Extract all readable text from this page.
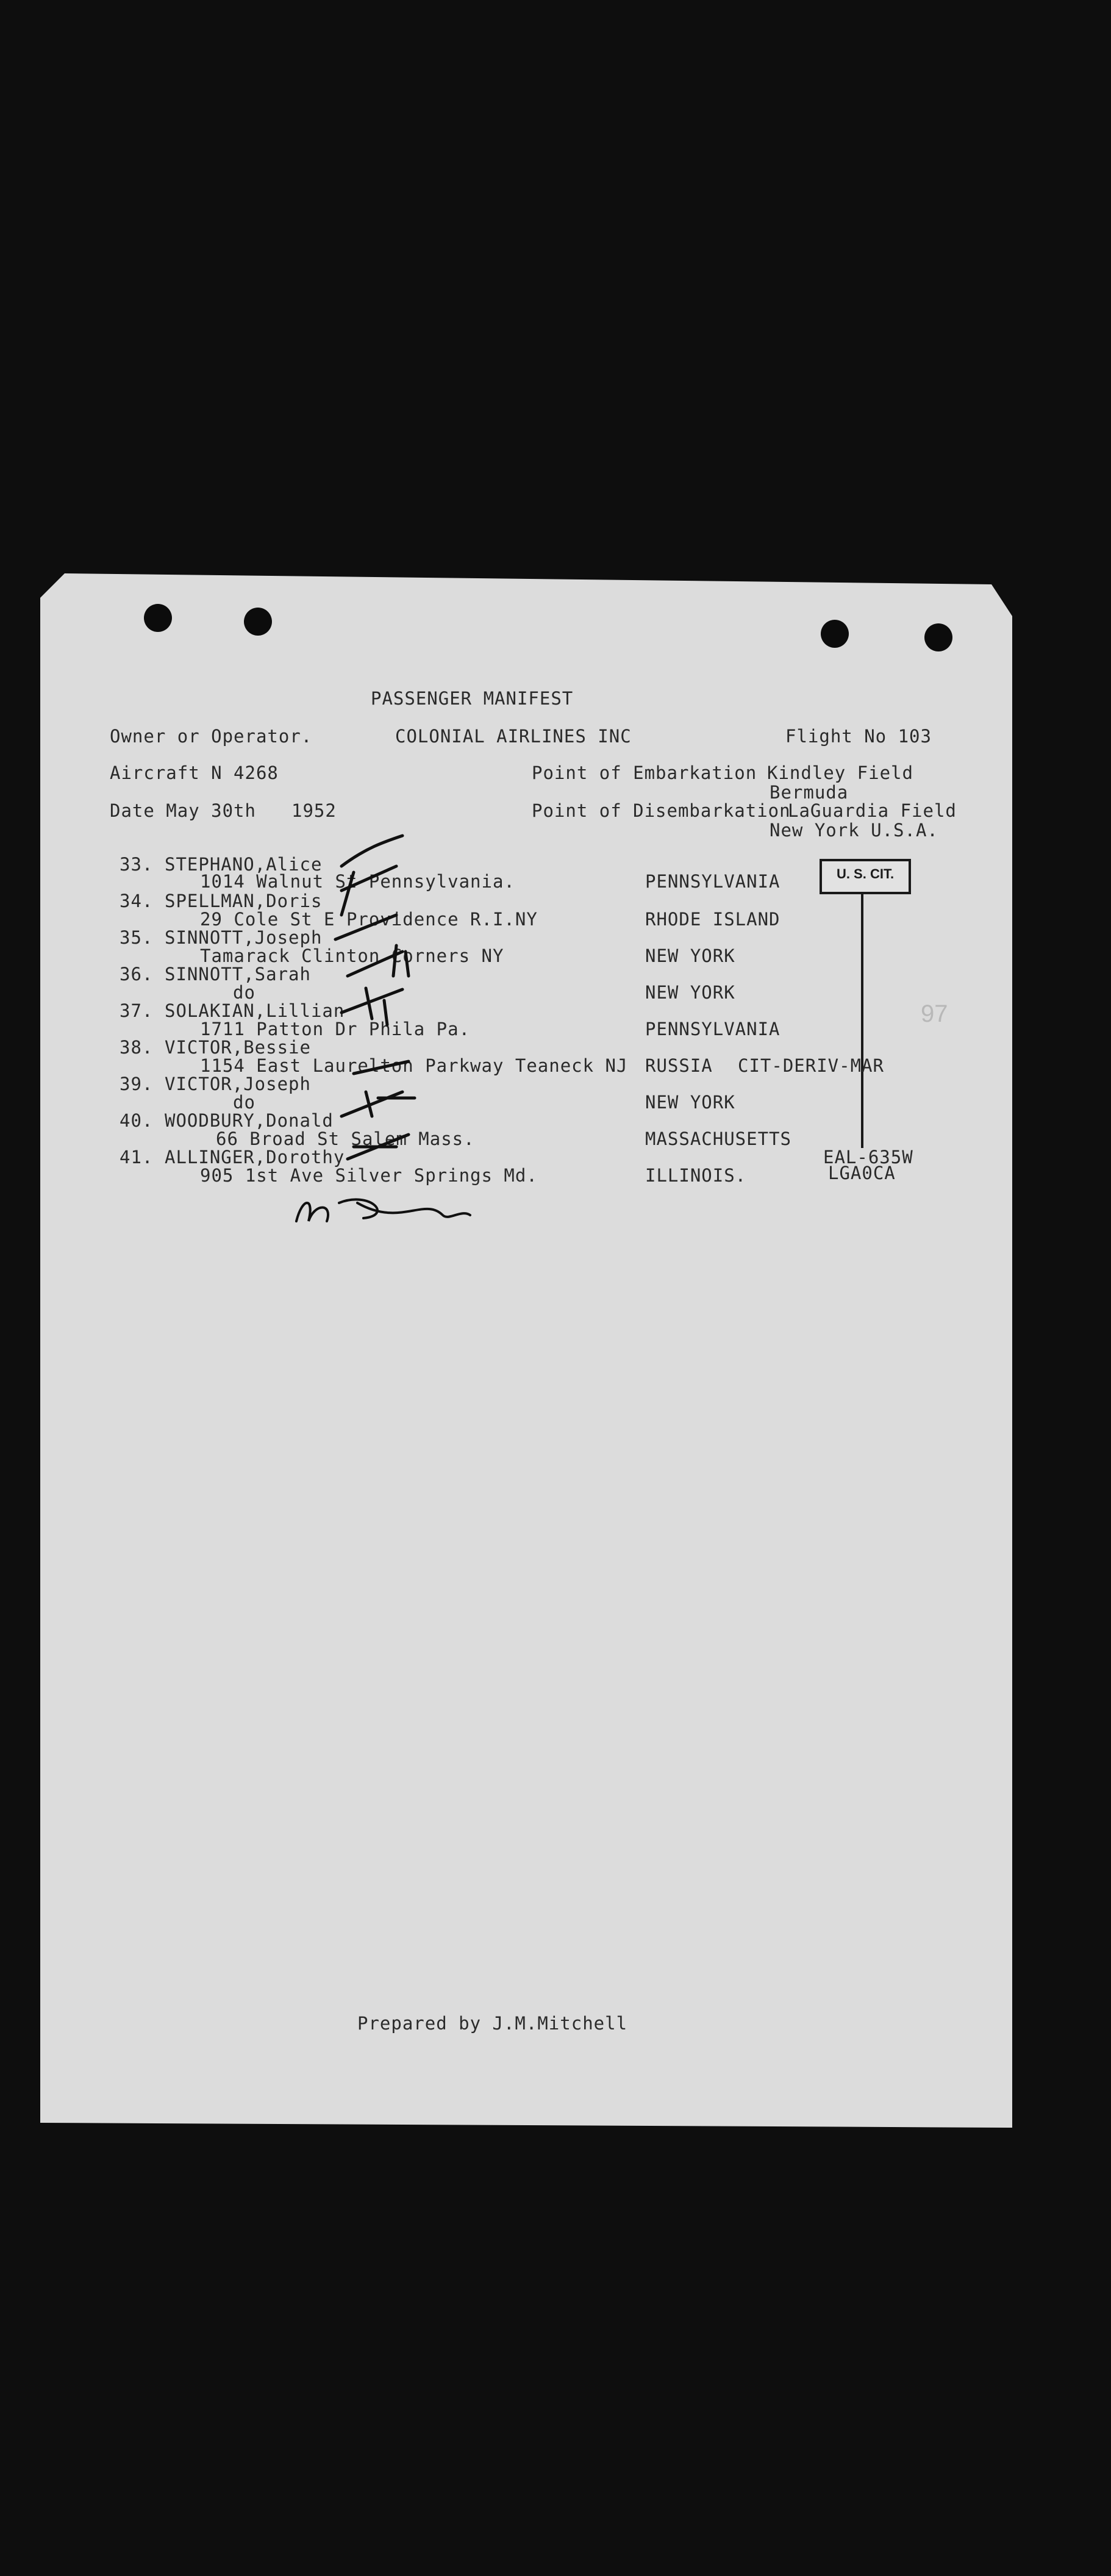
PASSENGER MANIFEST
Owner or Operator.	COLONIAL AIRLINES INC	Flight No 103
Aircraft N 4268	Point of Embarkation Kindley Field
Bermuda
Date May 30th 1952	Point of Disembarkation
LaGuardia Field
New York U.S.A.
U. S. CIT.
97
33. STEPHANO,Alice
1014 Walnut St Pennsylvania.	PENNSYLVANIA
34. SPELLMAN,Doris
29 Cole St E Providence R.I.NY	RHODE ISLAND
35. SINNOTT,Joseph
Tamarack Clinton Corners NY	NEW YORK
36. SINNOTT,Sarah
do	NEW YORK
37. SOLAKIAN,Lillian
1711 Patton Dr Phila Pa.	PENNSYLVANIA
38. VICTOR,Bessie
1154 East Laurelton Parkway Teaneck NJ RUSSIA CIT-DERIV-MAR
39. VICTOR,Joseph
do	NEW YORK
40. WOODBURY,Donald
66 Broad St Salem Mass.	MASSACHUSETTS
41. ALLINGER,Dorothy
905 1st Ave Silver Springs Md.	ILLINOIS.
EAL-635W
LGA0CA
Prepared by J.M.Mitchell
